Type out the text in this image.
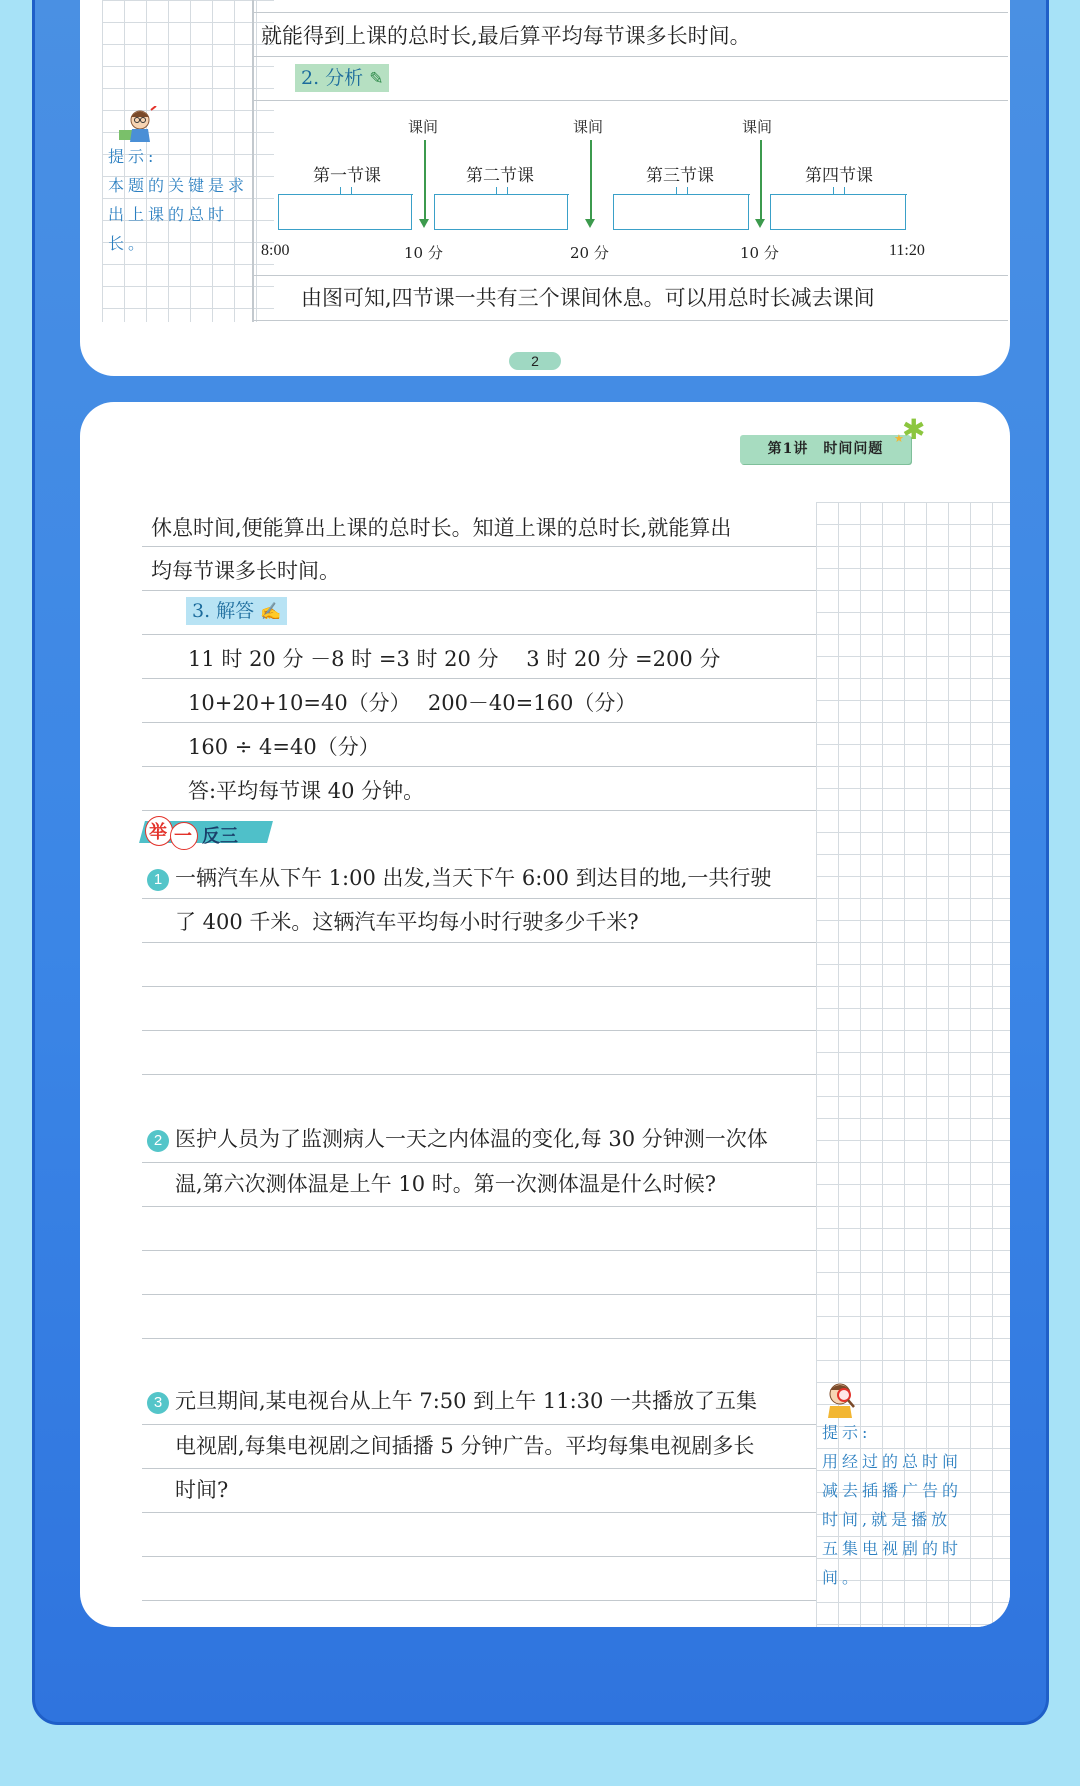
就能得到上课的总时长,最后算平均每节课多长时间。
2. 分析 ✎
提示:
本题的关键是求出上课的总时长。
课间	课间	课间
第一节课	第二节课	第三节课	第四节课
8:00	10 分	20 分	10 分	11:20
由图可知,四节课一共有三个课间休息。可以用总时长减去课间
2
第1讲　时间问题
✱
★
休息时间,便能算出上课的总时长。知道上课的总时长,就能算出
均每节课多长时间。
3. 解答 ✍
11 时 20 分 －8 时 =3 时 20 分　 3 时 20 分 =200 分
10+20+10=40（分）　 200－40=160（分）
160 ÷ 4=40（分）
答:平均每节课 40 分钟。
举 一 反三
1 一辆汽车从下午 1:00 出发,当天下午 6:00 到达目的地,一共行驶
了 400 千米。这辆汽车平均每小时行驶多少千米?
2 医护人员为了监测病人一天之内体温的变化,每 30 分钟测一次体
温,第六次测体温是上午 10 时。第一次测体温是什么时候?
3 元旦期间,某电视台从上午 7:50 到上午 11:30 一共播放了五集
电视剧,每集电视剧之间插播 5 分钟广告。平均每集电视剧多长
时间?
提示:
用经过的总时间减去插播广告的时间,就是播放五集电视剧的时间。
